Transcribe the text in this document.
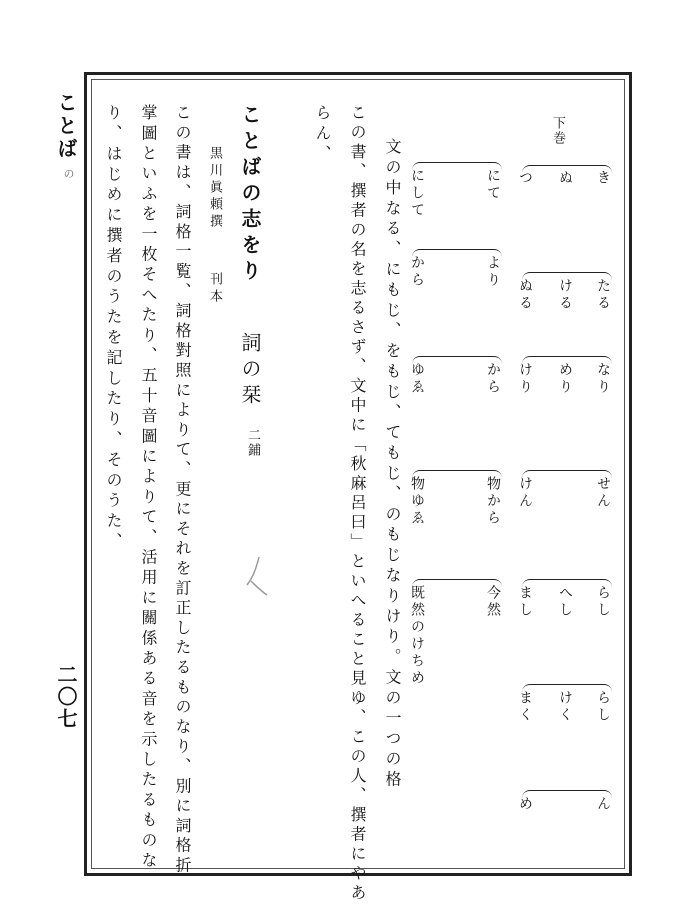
ことば
の
二〇七
下巻
き
たる
なり
せん
らし
らし
ん
ぬ
ける
めり
へし
けく
つ
ぬる
けり
けん
まし
まく
め
にて
より
から
物から
今然
にして
から
ゆゑ
物ゆゑ
既然のけちめ
文の中なる、にもじ、をもじ、てもじ、のもじなりけり。文の一つの格
この書、撰者の名を志るさず、文中に「秋麻呂曰」といへること見ゆ、この人、撰者にやあ
らん、
ことばの志をり
詞の栞
二鋪
黒川眞頼撰
刊本
この書は、詞格一覧、詞格對照によりて、更にそれを訂正したるものなり、別に詞格折
掌圖といふを一枚そへたり、五十音圖によりて、活用に關係ある音を示したるものな
り、はじめに撰者のうたを記したり、そのうた、
